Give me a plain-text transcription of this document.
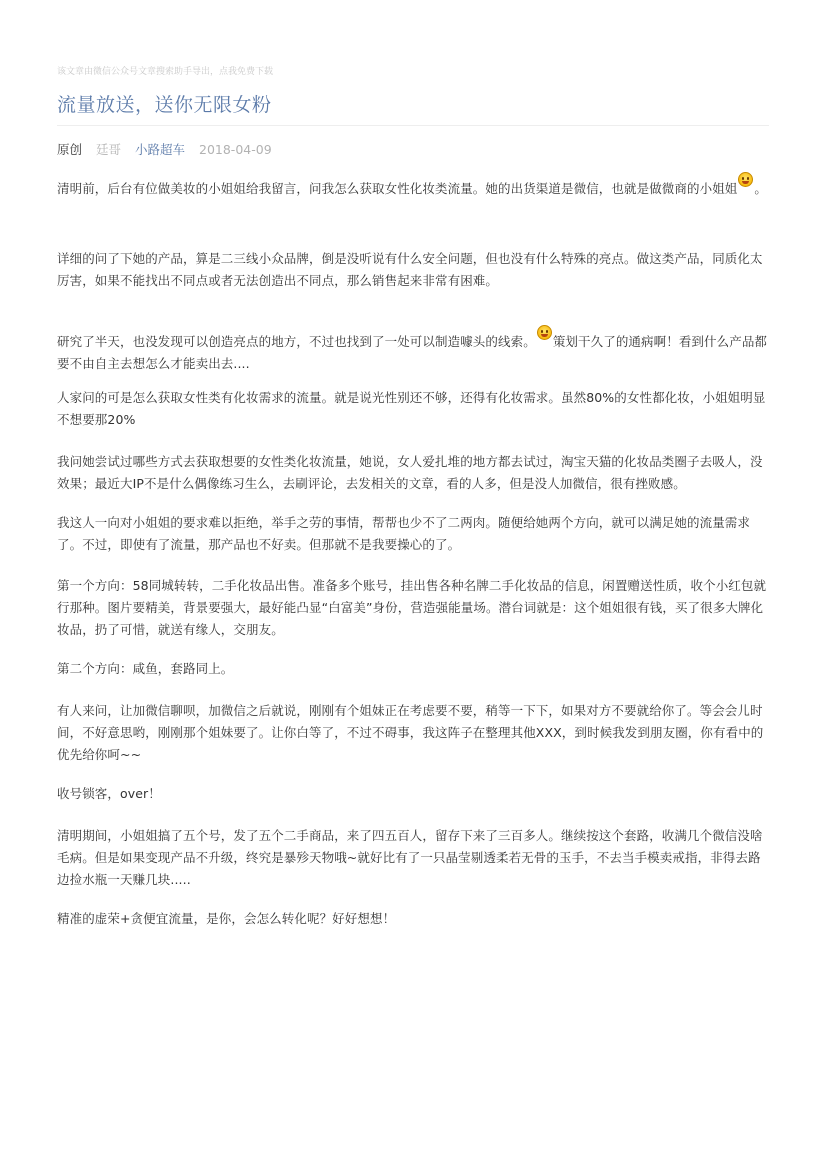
该文章由微信公众号文章搜索助手导出，点我免费下载
流量放送，送你无限女粉
原创 廷哥 小路超车 2018-04-09

清明前，后台有位做美妆的小姐姐给我留言，问我怎么获取女性化妆类流量。她的出货渠道是微信，也就是做微商的小姐姐 。

详细的问了下她的产品，算是二三线小众品牌，倒是没听说有什么安全问题，但也没有什么特殊的亮点。做这类产品，同质化太厉害，如果不能找出不同点或者无法创造出不同点，那么销售起来非常有困难。

研究了半天，也没发现可以创造亮点的地方，不过也找到了一处可以制造噱头的线索。 策划干久了的通病啊！看到什么产品都要不由自主去想怎么才能卖出去....

人家问的可是怎么获取女性类有化妆需求的流量。就是说光性别还不够，还得有化妆需求。虽然80%的女性都化妆，小姐姐明显不想要那20%

我问她尝试过哪些方式去获取想要的女性类化妆流量，她说，女人爱扎堆的地方都去试过，淘宝天猫的化妆品类圈子去吸人，没效果；最近大IP不是什么偶像练习生么，去刷评论，去发相关的文章，看的人多，但是没人加微信，很有挫败感。

我这人一向对小姐姐的要求难以拒绝，举手之劳的事情，帮帮也少不了二两肉。随便给她两个方向，就可以满足她的流量需求了。不过，即使有了流量，那产品也不好卖。但那就不是我要操心的了。

第一个方向：58同城转转，二手化妆品出售。准备多个账号，挂出售各种名牌二手化妆品的信息，闲置赠送性质，收个小红包就行那种。图片要精美，背景要强大，最好能凸显“白富美”身份，营造强能量场。潜台词就是：这个姐姐很有钱，买了很多大牌化妆品，扔了可惜，就送有缘人，交朋友。

第二个方向：咸鱼，套路同上。

有人来问，让加微信聊呗，加微信之后就说，刚刚有个姐妹正在考虑要不要，稍等一下下，如果对方不要就给你了。等会会儿时间，不好意思哟，刚刚那个姐妹要了。让你白等了，不过不碍事，我这阵子在整理其他XXX，到时候我发到朋友圈，你有看中的优先给你呵~~

收号锁客，over！

清明期间，小姐姐搞了五个号，发了五个二手商品，来了四五百人，留存下来了三百多人。继续按这个套路，收满几个微信没啥毛病。但是如果变现产品不升级，终究是暴殄天物哦~就好比有了一只晶莹剔透柔若无骨的玉手，不去当手模卖戒指，非得去路边捡水瓶一天赚几块.....

精准的虚荣+贪便宜流量，是你，会怎么转化呢？好好想想！
